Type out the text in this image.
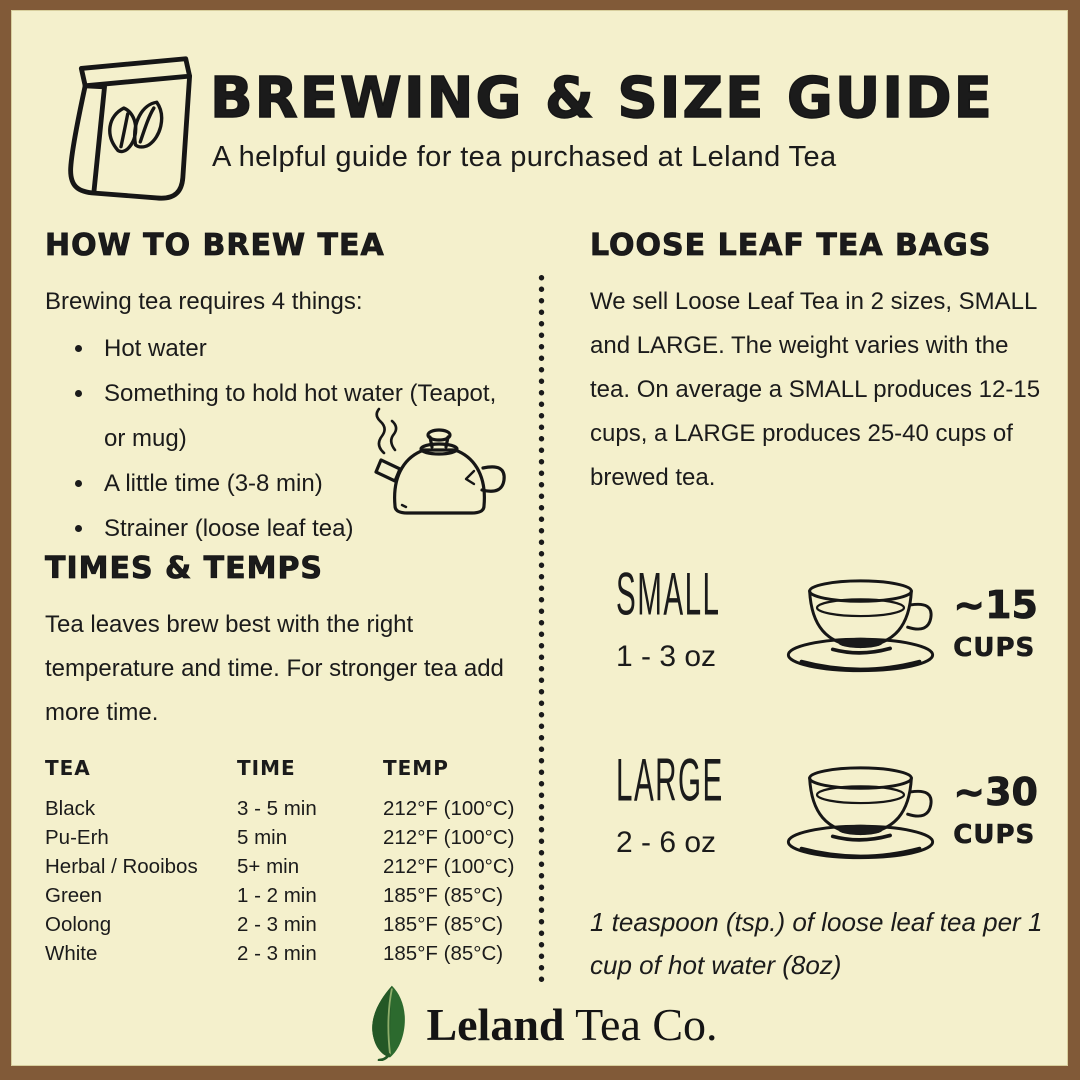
BREWING & SIZE GUIDE
A helpful guide for tea purchased at Leland Tea
HOW TO BREW TEA
Brewing tea requires 4 things:
• Hot water
• Something to hold hot water (Teapot, or mug)
• A little time (3-8 min)
• Strainer (loose leaf tea)
TIMES & TEMPS
Tea leaves brew best with the right temperature and time. For stronger tea add more time.
TEA	TIME	TEMP
Black	3 - 5 min	212°F (100°C)
Pu-Erh	5 min	212°F (100°C)
Herbal / Rooibos	5+ min	212°F (100°C)
Green	1 - 2 min	185°F (85°C)
Oolong	2 - 3 min	185°F (85°C)
White	2 - 3 min	185°F (85°C)
LOOSE LEAF TEA BAGS
We sell Loose Leaf Tea in 2 sizes, SMALL and LARGE. The weight varies with the tea. On average a SMALL produces 12-15 cups, a LARGE produces 25-40 cups of brewed tea.
SMALL
1 - 3 oz
~15
CUPS
LARGE
2 - 6 oz
~30
CUPS
1 teaspoon (tsp.) of loose leaf tea per 1 cup of hot water (8oz)
Leland Tea Co.
